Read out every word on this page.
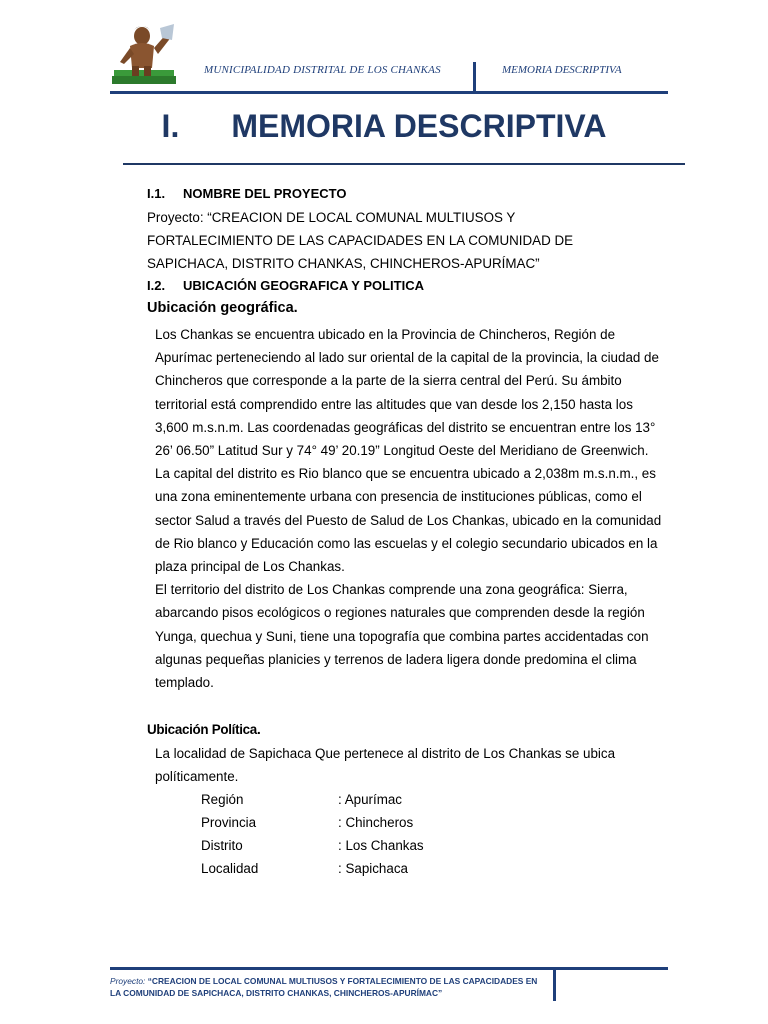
MUNICIPALIDAD DISTRITAL DE LOS CHANKAS	MEMORIA DESCRIPTIVA
I. MEMORIA DESCRIPTIVA
I.1. NOMBRE DEL PROYECTO

Proyecto: “CREACION DE LOCAL COMUNAL MULTIUSOS Y

FORTALECIMIENTO DE LAS CAPACIDADES EN LA COMUNIDAD DE

SAPICHACA, DISTRITO CHANKAS, CHINCHEROS-APURÍMAC”

I.2. UBICACIÓN GEOGRAFICA Y POLITICA
Ubicación geográfica.

Los Chankas se encuentra ubicado en la Provincia de Chincheros, Región de

Apurímac perteneciendo al lado sur oriental de la capital de la provincia, la ciudad de

Chincheros que corresponde a la parte de la sierra central del Perú. Su ámbito

territorial está comprendido entre las altitudes que van desde los 2,150 hasta los

3,600 m.s.n.m. Las coordenadas geográficas del distrito se encuentran entre los 13°

26’ 06.50” Latitud Sur y 74° 49’ 20.19” Longitud Oeste del Meridiano de Greenwich.

La capital del distrito es Rio blanco que se encuentra ubicado a 2,038m m.s.n.m., es

una zona eminentemente urbana con presencia de instituciones públicas, como el

sector Salud a través del Puesto de Salud de Los Chankas, ubicado en la comunidad

de Rio blanco y Educación como las escuelas y el colegio secundario ubicados en la

plaza principal de Los Chankas.

El territorio del distrito de Los Chankas comprende una zona geográfica: Sierra,

abarcando pisos ecológicos o regiones naturales que comprenden desde la región

Yunga, quechua y Suni, tiene una topografía que combina partes accidentadas con

algunas pequeñas planicies y terrenos de ladera ligera donde predomina el clima

templado.

Ubicación Política.

La localidad de Sapichaca Que pertenece al distrito de Los Chankas se ubica

políticamente.

Región	: Apurímac
Provincia	: Chincheros
Distrito	: Los Chankas
Localidad	: Sapichaca
Proyecto: “CREACION DE LOCAL COMUNAL MULTIUSOS Y FORTALECIMIENTO DE LAS CAPACIDADES EN
LA COMUNIDAD DE SAPICHACA, DISTRITO CHANKAS, CHINCHEROS-APURÍMAC”
